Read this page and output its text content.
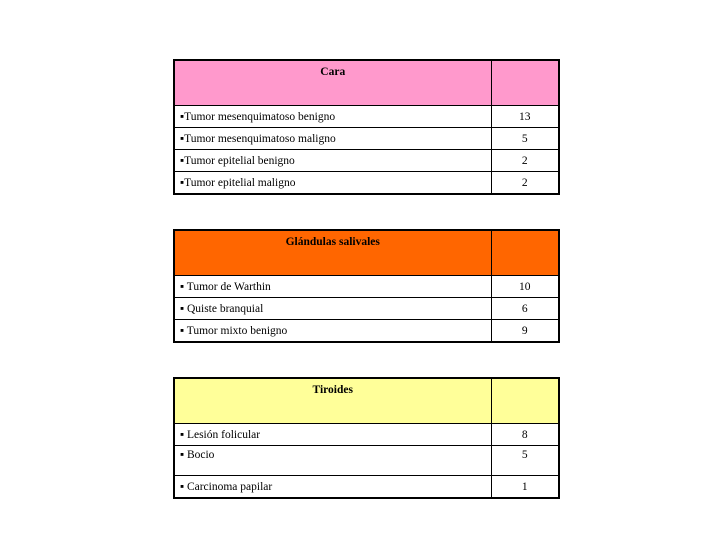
Cara	
▪Tumor mesenquimatoso benigno	13
▪Tumor mesenquimatoso maligno	5
▪Tumor epitelial benigno	2
▪Tumor epitelial maligno	2
Glándulas salivales	
▪ Tumor de Warthin	10
▪ Quiste branquial	6
▪ Tumor mixto benigno	9
Tiroides	
▪ Lesión folicular	8
▪ Bocio	5
▪ Carcinoma papilar	1
